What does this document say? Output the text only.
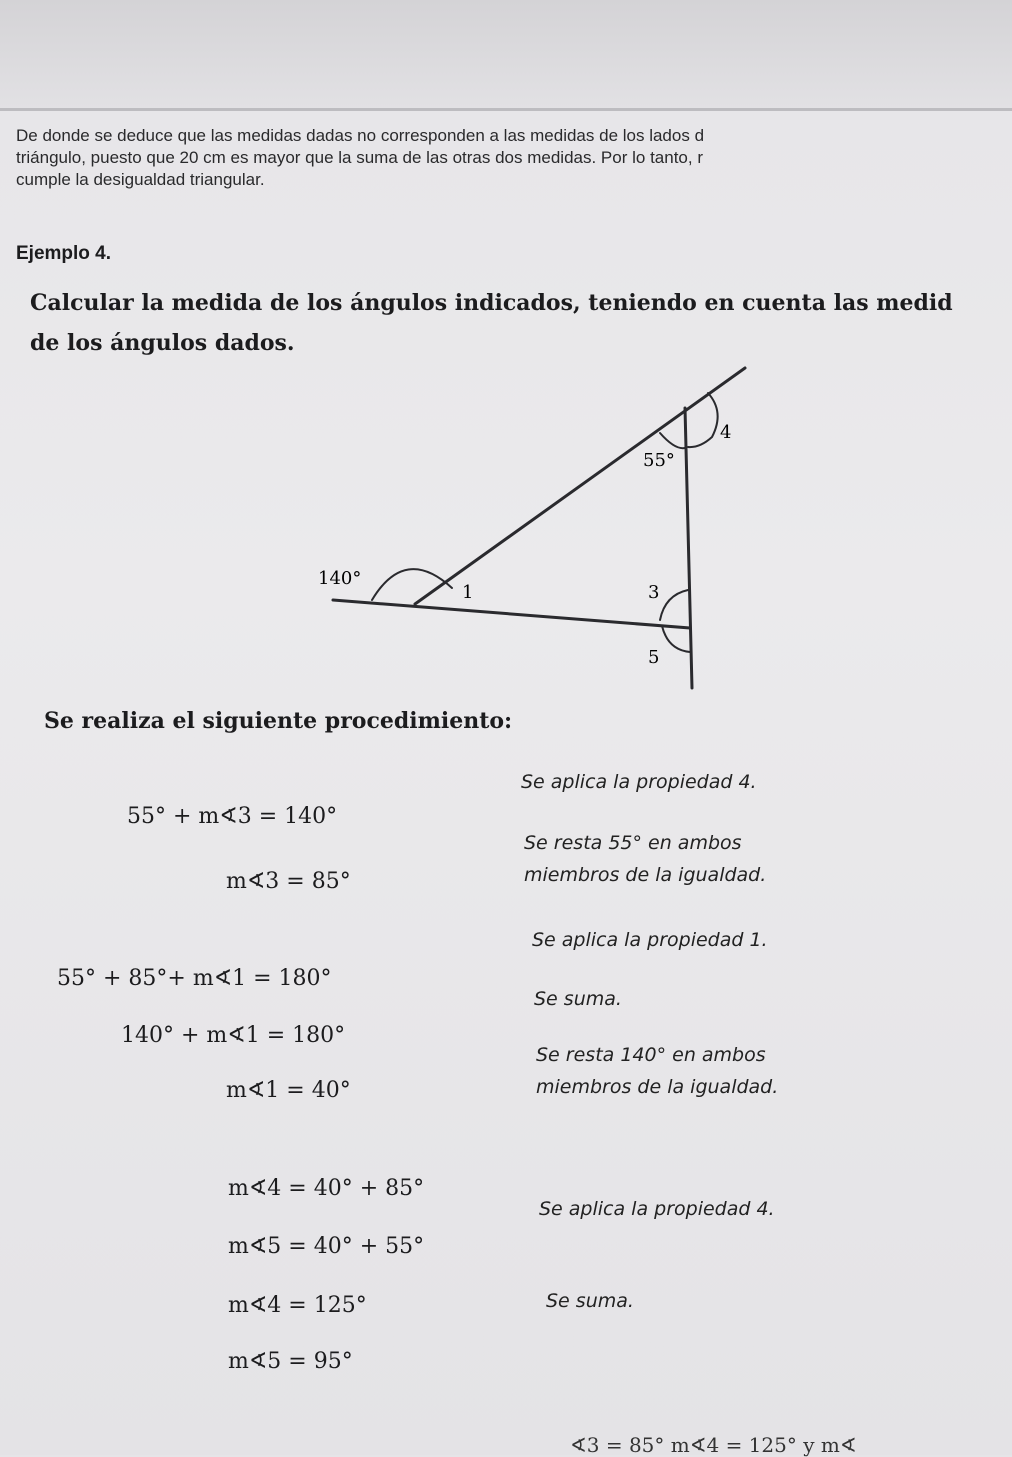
De donde se deduce que las medidas dadas no corresponden a las medidas de los lados d

triángulo, puesto que 20 cm es mayor que la suma de las otras dos medidas. Por lo tanto, r

cumple la desigualdad triangular.

Ejemplo 4.

Calcular la medida de los ángulos indicados, teniendo en cuenta las medid

de los ángulos dados.

55°
140°
1	3
4
5
Se realiza el siguiente procedimiento:
55° + m∢3 = 140°
m∢3 = 85°
55° + 85°+ m∢1 = 180°
140° + m∢1 = 180°
m∢1 = 40°
m∢4 = 40° + 85°
m∢5 = 40° + 55°
m∢4 = 125°
m∢5 = 95°
Se aplica la propiedad 4.
Se resta 55° en ambos
miembros de la igualdad.
Se aplica la propiedad 1.
Se suma.
Se resta 140° en ambos
miembros de la igualdad.
Se aplica la propiedad 4.
Se suma.
∢3 = 85° m∢4 = 125° y m∢
